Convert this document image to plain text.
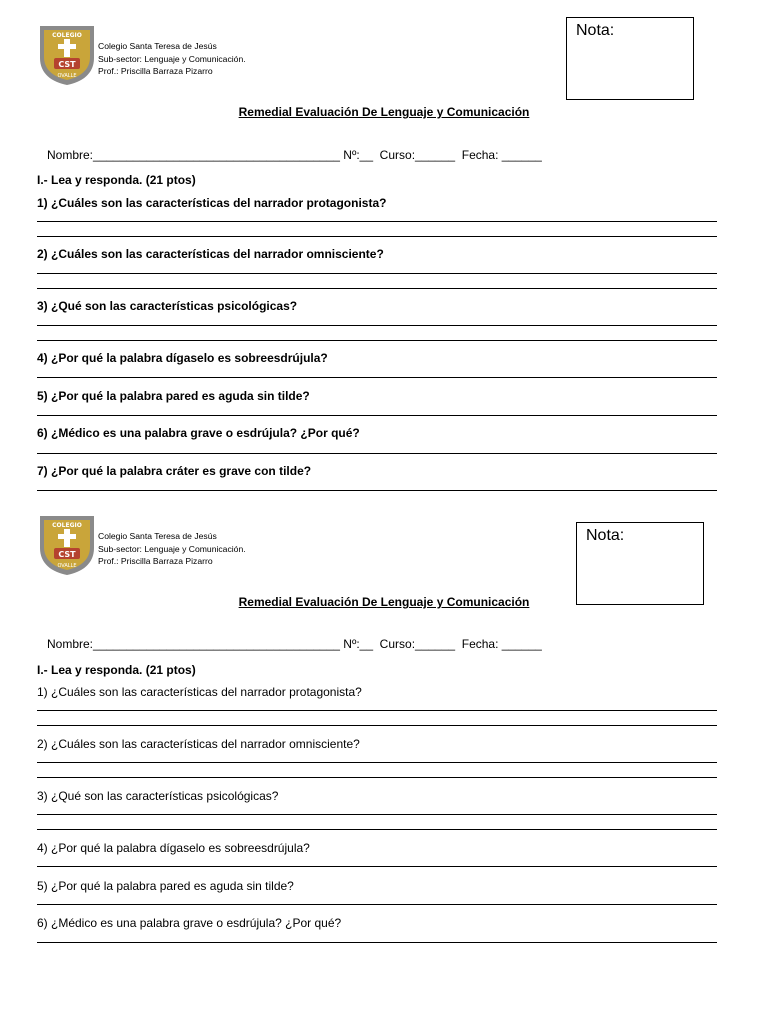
COLEGIO
CST
OVALLE
Colegio Santa Teresa de Jesús
Sub-sector: Lenguaje y Comunicación.
Prof.: Priscilla Barraza Pizarro
Nota:
Remedial Evaluación De Lenguaje y Comunicación
Nombre:_____________________________________ Nº:__  Curso:______  Fecha: ______
I.- Lea y responda. (21 ptos)
1) ¿Cuáles son las características del narrador protagonista?
2) ¿Cuáles son las características del narrador omnisciente?
3) ¿Qué son las características psicológicas?
4) ¿Por qué la palabra dígaselo es sobreesdrújula?
5) ¿Por qué la palabra pared es aguda sin tilde?
6) ¿Médico es una palabra grave o esdrújula? ¿Por qué?
7) ¿Por qué la palabra cráter es grave con tilde?
COLEGIO
CST
OVALLE
Colegio Santa Teresa de Jesús
Sub-sector: Lenguaje y Comunicación.
Prof.: Priscilla Barraza Pizarro
Nota:
Remedial Evaluación De Lenguaje y Comunicación
Nombre:_____________________________________ Nº:__  Curso:______  Fecha: ______
I.- Lea y responda. (21 ptos)
1) ¿Cuáles son las características del narrador protagonista?
2) ¿Cuáles son las características del narrador omnisciente?
3) ¿Qué son las características psicológicas?
4) ¿Por qué la palabra dígaselo es sobreesdrújula?
5) ¿Por qué la palabra pared es aguda sin tilde?
6) ¿Médico es una palabra grave o esdrújula? ¿Por qué?
